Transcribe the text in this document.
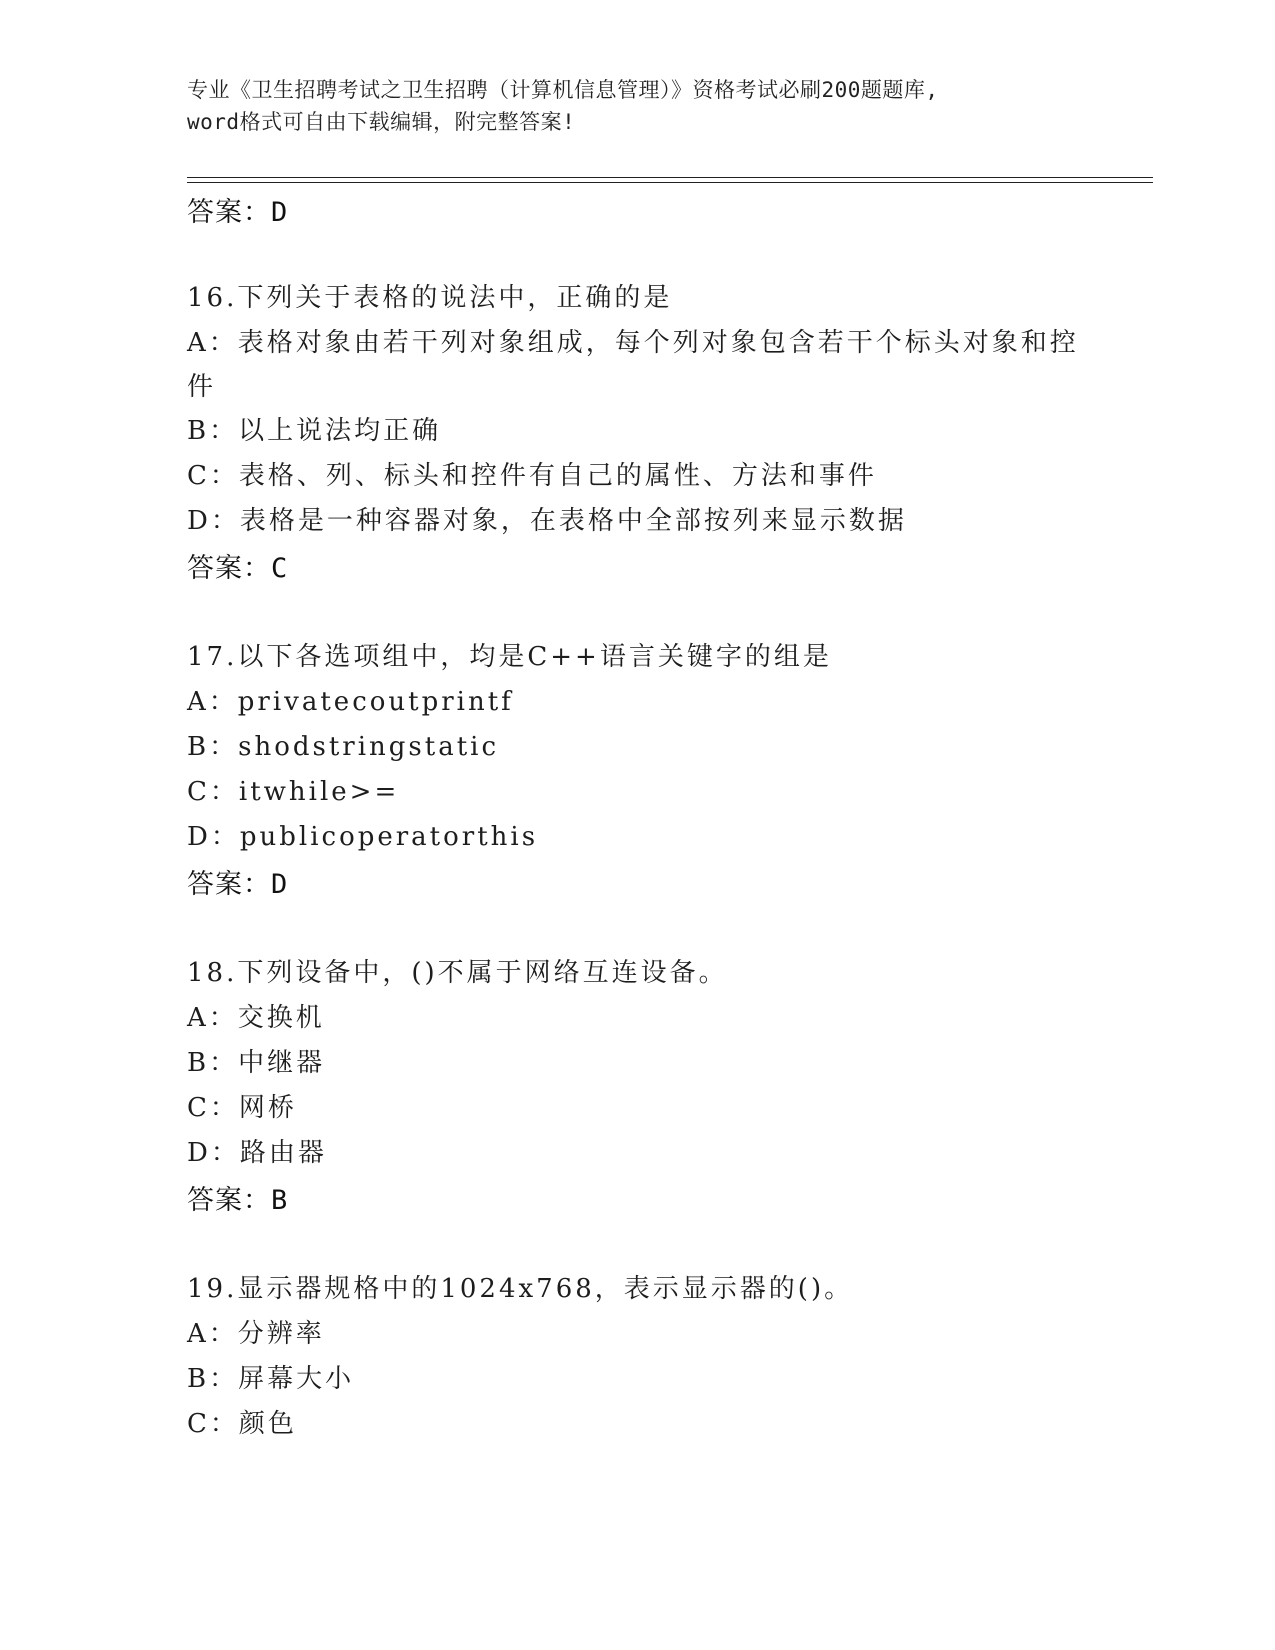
专业《卫生招聘考试之卫生招聘（计算机信息管理）》资格考试必刷200题题库,
word格式可自由下载编辑，附完整答案!
答案：D
16.下列关于表格的说法中，正确的是
A：表格对象由若干列对象组成，每个列对象包含若干个标头对象和控
件
B：以上说法均正确
C：表格、列、标头和控件有自己的属性、方法和事件
D：表格是一种容器对象，在表格中全部按列来显示数据
答案：C
17.以下各选项组中，均是C++语言关键字的组是
A：privatecoutprintf
B：shodstringstatic
C：itwhile>=
D：publicoperatorthis
答案：D
18.下列设备中，()不属于网络互连设备。
A：交换机
B：中继器
C：网桥
D：路由器
答案：B
19.显示器规格中的1024x768，表示显示器的()。
A：分辨率
B：屏幕大小
C：颜色
